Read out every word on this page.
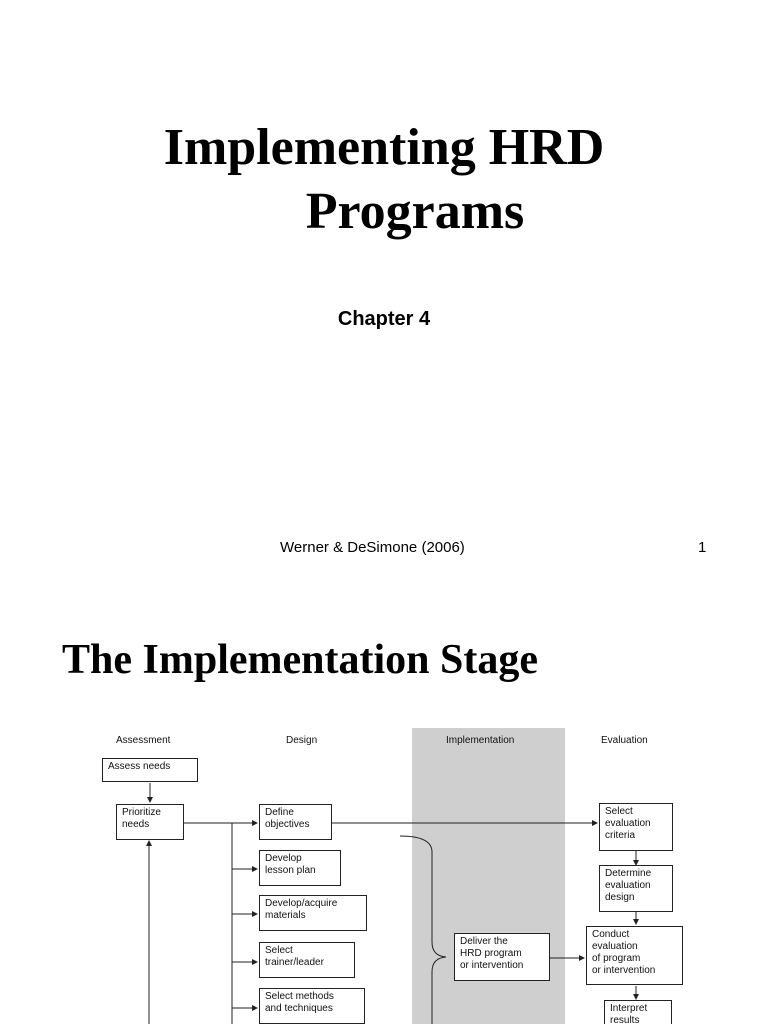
Implementing HRD
Programs
Chapter 4
Werner & DeSimone (2006)	1
The Implementation Stage
Assessment	Design	Implementation	Evaluation
Assess needs
Prioritize
needs
Define
objectives
Develop
lesson plan
Develop/acquire
materials
Select
trainer/leader
Select methods
and techniques
Deliver the
HRD program
or intervention
Select
evaluation
criteria
Determine
evaluation
design
Conduct
evaluation
of program
or intervention
Interpret
results
